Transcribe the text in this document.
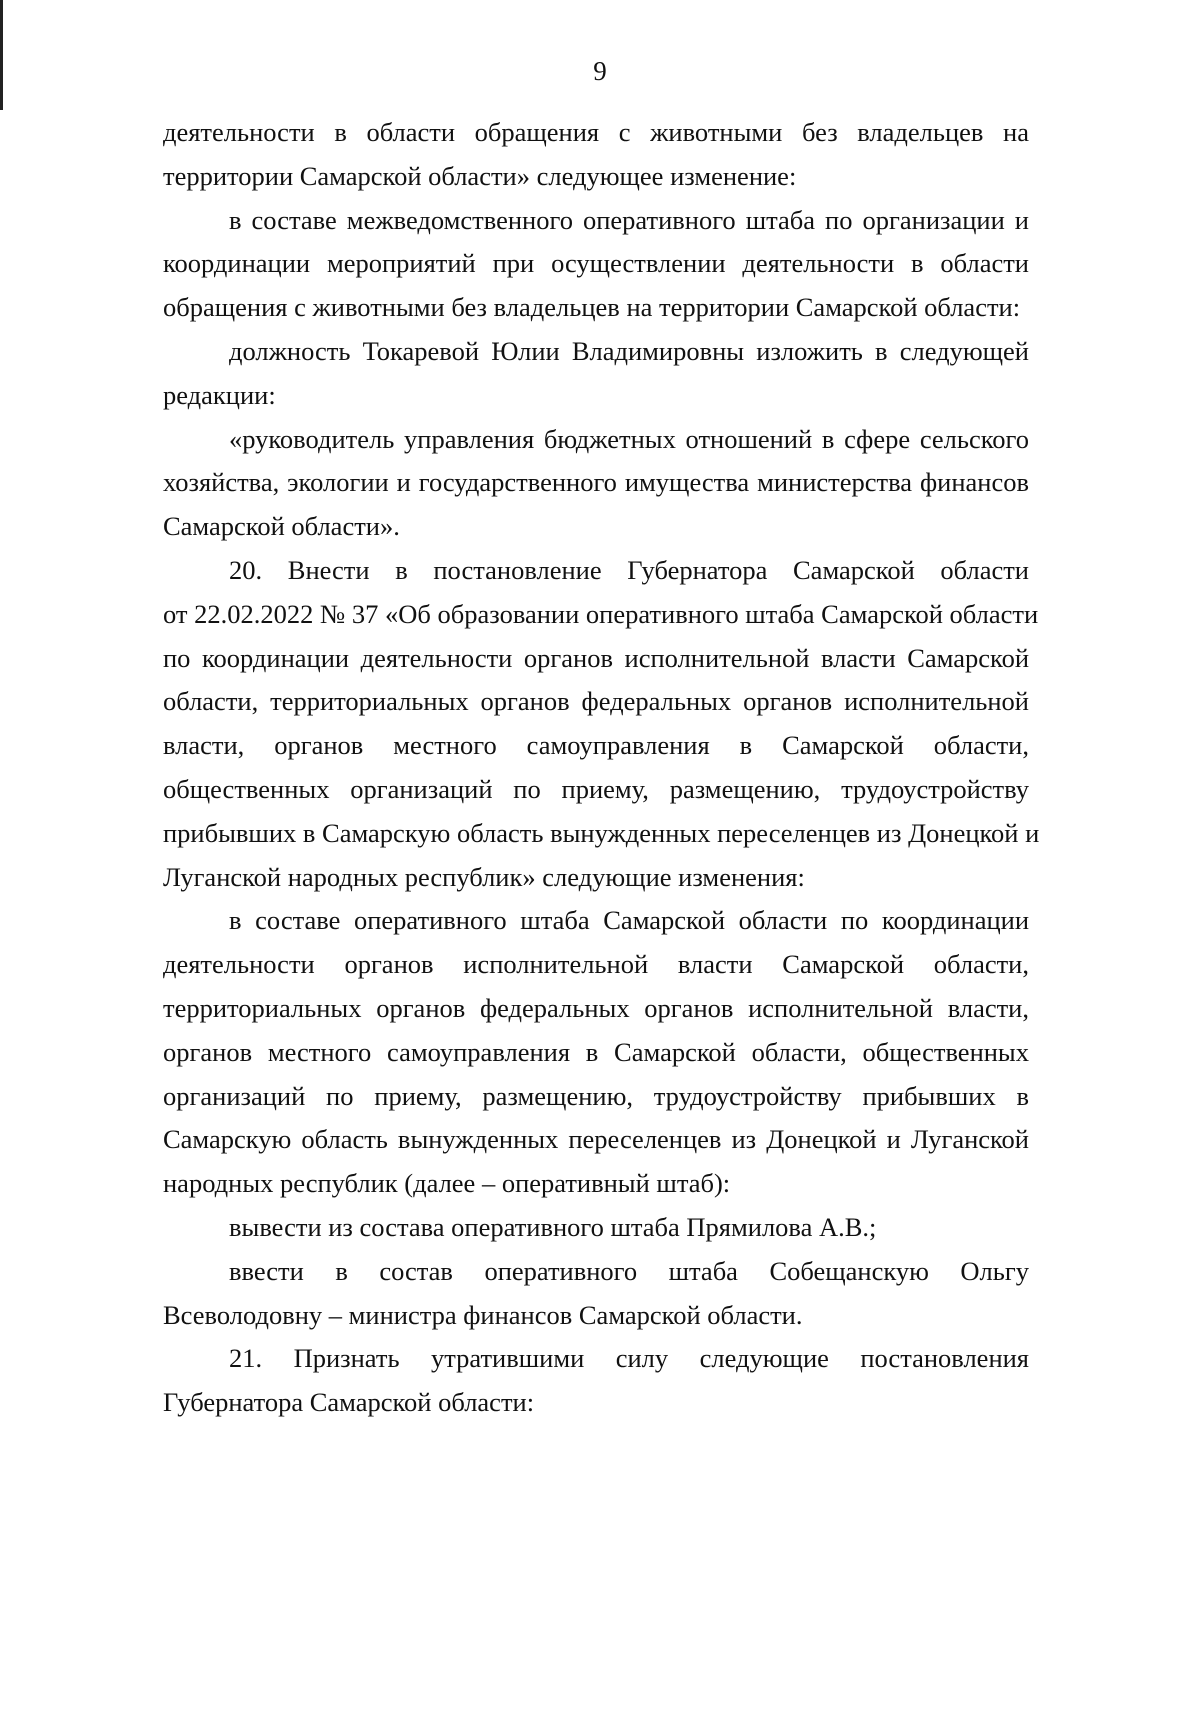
9
деятельности в области обращения с животными без владельцев на
территории Самарской области» следующее изменение:
в составе межведомственного оперативного штаба по организации и
координации мероприятий при осуществлении деятельности в области
обращения с животными без владельцев на территории Самарской области:
должность Токаревой Юлии Владимировны изложить в следующей
редакции:
«руководитель управления бюджетных отношений в сфере сельского
хозяйства, экологии и государственного имущества министерства финансов
Самарской области».
20. Внести в постановление Губернатора Самарской области
от 22.02.2022 № 37 «Об образовании оперативного штаба Самарской области
по координации деятельности органов исполнительной власти Самарской
области, территориальных органов федеральных органов исполнительной
власти, органов местного самоуправления в Самарской области,
общественных организаций по приему, размещению, трудоустройству
прибывших в Самарскую область вынужденных переселенцев из Донецкой и
Луганской народных республик» следующие изменения:
в составе оперативного штаба Самарской области по координации
деятельности органов исполнительной власти Самарской области,
территориальных органов федеральных органов исполнительной власти,
органов местного самоуправления в Самарской области, общественных
организаций по приему, размещению, трудоустройству прибывших в
Самарскую область вынужденных переселенцев из Донецкой и Луганской
народных республик (далее – оперативный штаб):
вывести из состава оперативного штаба Прямилова А.В.;
ввести в состав оперативного штаба Собещанскую Ольгу
Всеволодовну – министра финансов Самарской области.
21. Признать утратившими силу следующие постановления
Губернатора Самарской области:
